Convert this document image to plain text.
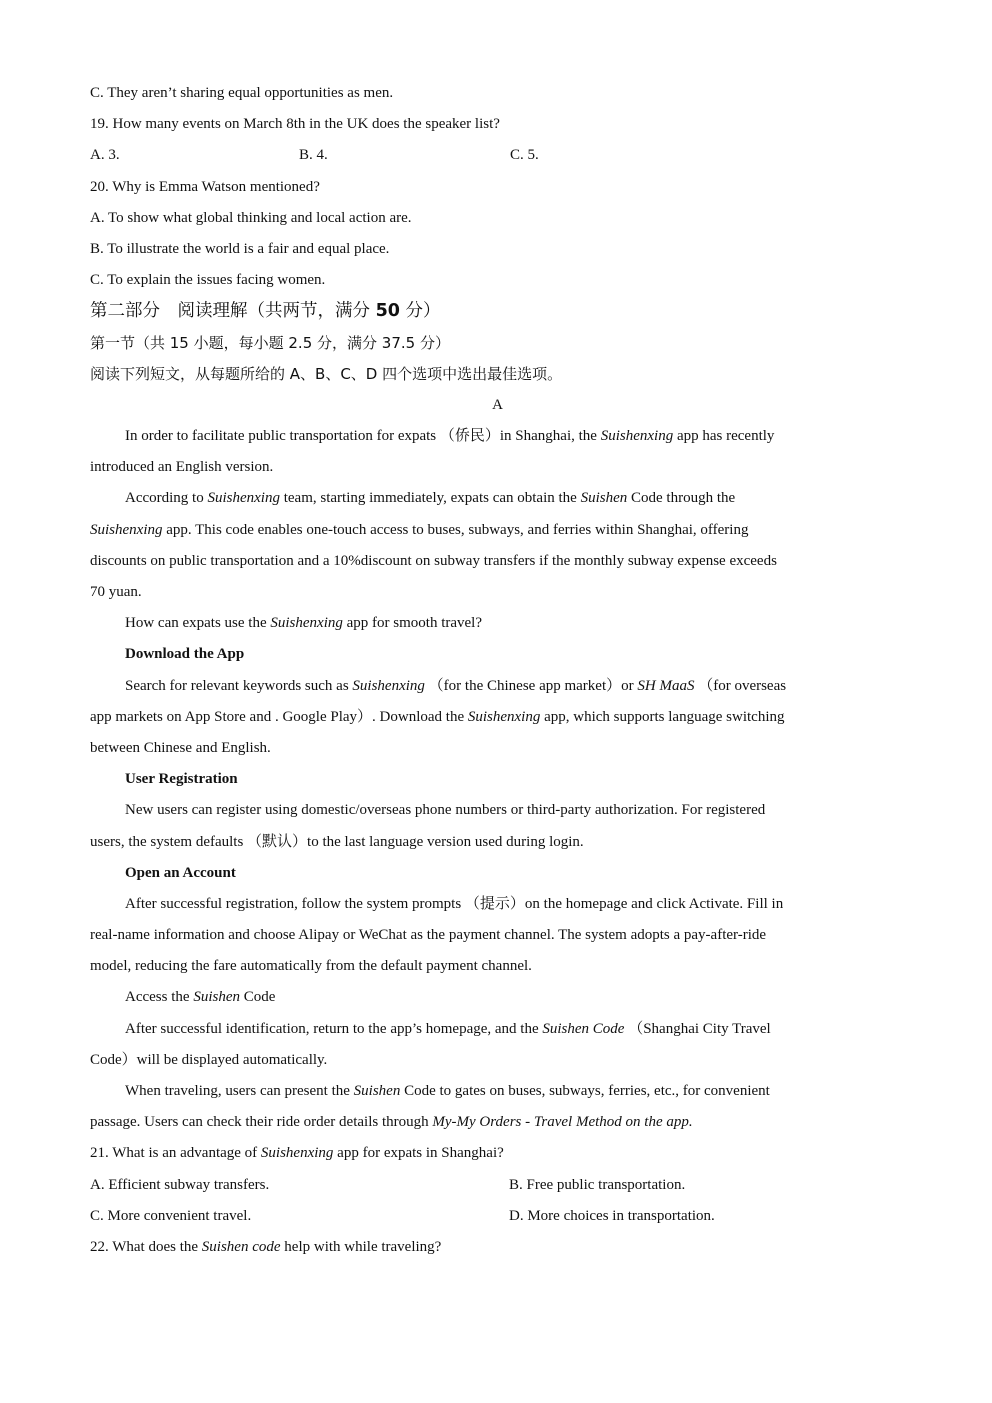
C. They aren’t sharing equal opportunities as men.
19. How many events on March 8th in the UK does the speaker list?
A. 3.	B. 4.	C. 5.
20. Why is Emma Watson mentioned?
A. To show what global thinking and local action are.
B. To illustrate the world is a fair and equal place.
C. To explain the issues facing women.
第二部分　阅读理解（共两节，满分 50 分）
第一节（共 15 小题，每小题 2.5 分，满分 37.5 分）
阅读下列短文，从每题所给的 A、B、C、D 四个选项中选出最佳选项。
A
In order to facilitate public transportation for expats （侨民）in Shanghai, the Suishenxing app has recently
introduced an English version.
According to Suishenxing team, starting immediately, expats can obtain the Suishen Code through the
Suishenxing app. This code enables one-touch access to buses, subways, and ferries within Shanghai, offering
discounts on public transportation and a 10%discount on subway transfers if the monthly subway expense exceeds
70 yuan.
How can expats use the Suishenxing app for smooth travel?
Download the App
Search for relevant keywords such as Suishenxing （for the Chinese app market）or SH MaaS （for overseas
app markets on App Store and . Google Play）. Download the Suishenxing app, which supports language switching
between Chinese and English.
User Registration
New users can register using domestic/overseas phone numbers or third-party authorization. For registered
users, the system defaults （默认）to the last language version used during login.
Open an Account
After successful registration, follow the system prompts （提示）on the homepage and click Activate. Fill in
real-name information and choose Alipay or WeChat as the payment channel. The system adopts a pay-after-ride
model, reducing the fare automatically from the default payment channel.
Access the Suishen Code
After successful identification, return to the app’s homepage, and the Suishen Code （Shanghai City Travel
Code）will be displayed automatically.
When traveling, users can present the Suishen Code to gates on buses, subways, ferries, etc., for convenient
passage. Users can check their ride order details through My-My Orders - Travel Method on the app.
21. What is an advantage of Suishenxing app for expats in Shanghai?
A. Efficient subway transfers.	B. Free public transportation.
C. More convenient travel.	D. More choices in transportation.
22. What does the Suishen code help with while traveling?
